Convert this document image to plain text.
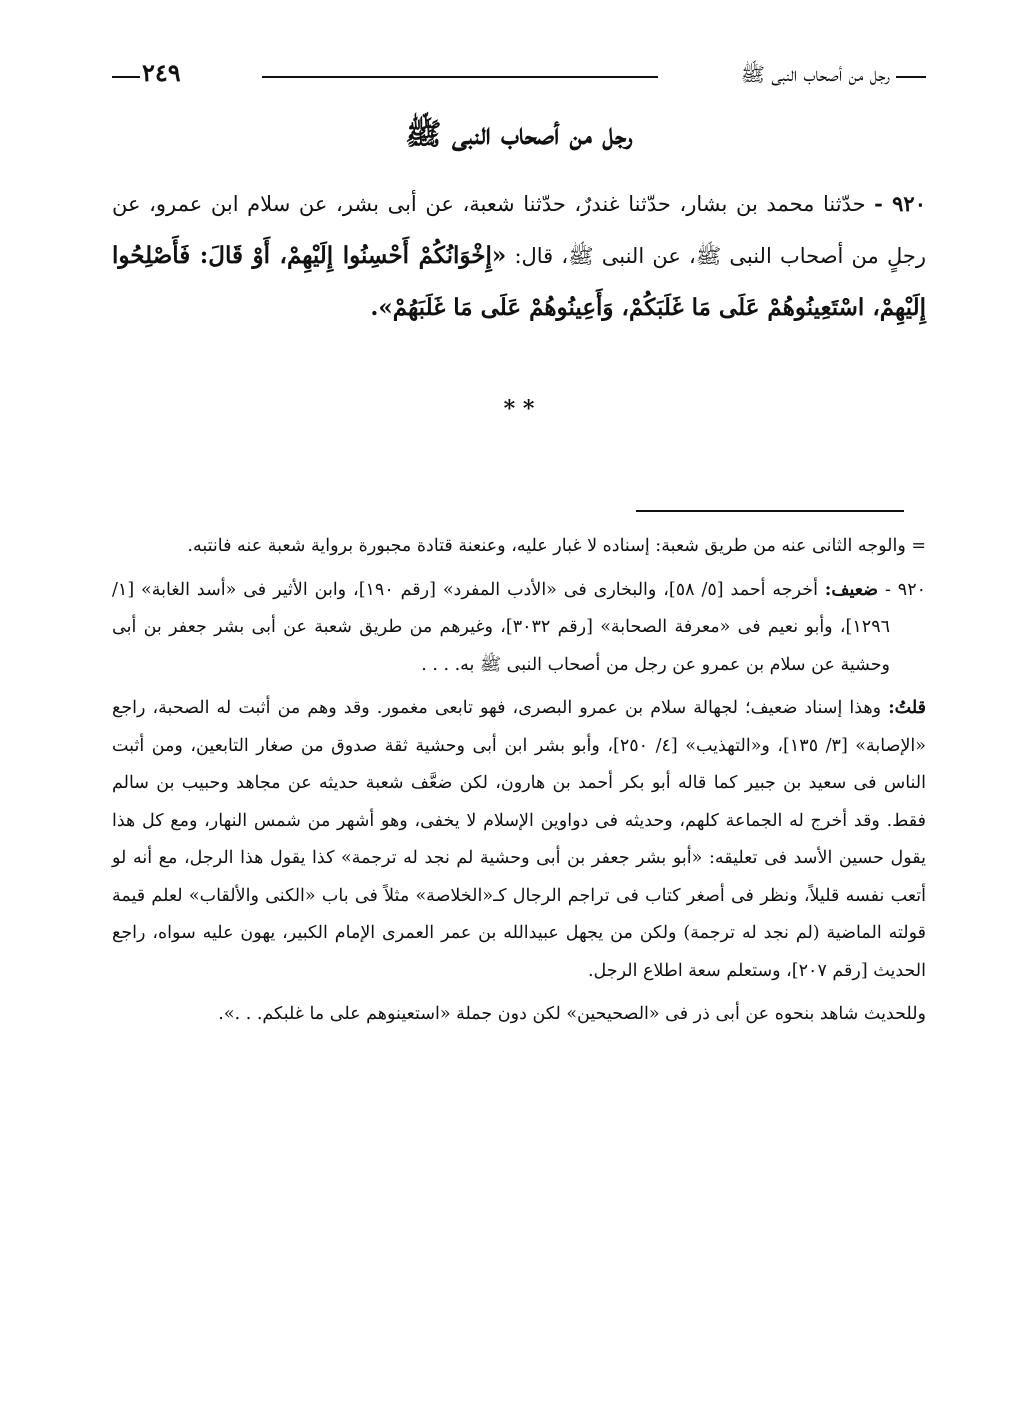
رجل من أصحاب النبى ﷺ
٢٤٩
رجل من أصحاب النبى ﷺ
٩٢٠ - حدّثنا محمد بن بشار، حدّثنا غندرٌ، حدّثنا شعبة، عن أبى بشر، عن سلام ابن عمرو، عن رجلٍ من أصحاب النبى ﷺ، عن النبى ﷺ، قال: «إِخْوَانُكُمْ أَحْسِنُوا إِلَيْهِمْ، أَوْ قَالَ: فَأَصْلِحُوا إِلَيْهِمْ، اسْتَعِينُوهُمْ عَلَى مَا غَلَبَكُمْ، وَأَعِينُوهُمْ عَلَى مَا غَلَبَهُمْ».
* *

= والوجه الثانى عنه من طريق شعبة: إسناده لا غبار عليه، وعنعنة قتادة مجبورة برواية شعبة عنه فانتبه.

٩٢٠ - ضعيف: أخرجه أحمد [٥/ ٥٨]، والبخارى فى «الأدب المفرد» [رقم ١٩٠]، وابن الأثير فى «أسد الغابة» [١/ ١٢٩٦]، وأبو نعيم فى «معرفة الصحابة» [رقم ٣٠٣٢]، وغيرهم من طريق شعبة عن أبى بشر جعفر بن أبى وحشية عن سلام بن عمرو عن رجل من أصحاب النبى ﷺ به. . . .

قلتُ: وهذا إسناد ضعيف؛ لجهالة سلام بن عمرو البصرى، فهو تابعى مغمور. وقد وهم من أثبت له الصحبة، راجع «الإصابة» [٣/ ١٣٥]، و«التهذيب» [٤/ ٢٥٠]، وأبو بشر ابن أبى وحشية ثقة صدوق من صغار التابعين، ومن أثبت الناس فى سعيد بن جبير كما قاله أبو بكر أحمد بن هارون، لكن ضعَّف شعبة حديثه عن مجاهد وحبيب بن سالم فقط. وقد أخرج له الجماعة كلهم، وحديثه فى دواوين الإسلام لا يخفى، وهو أشهر من شمس النهار، ومع كل هذا يقول حسين الأسد فى تعليقه: «أبو بشر جعفر بن أبى وحشية لم نجد له ترجمة» كذا يقول هذا الرجل، مع أنه لو أتعب نفسه قليلاً، ونظر فى أصغر كتاب فى تراجم الرجال كـ«الخلاصة» مثلاً فى باب «الكنى والألقاب» لعلم قيمة قولته الماضية (لم نجد له ترجمة) ولكن من يجهل عبيدالله بن عمر العمرى الإمام الكبير، يهون عليه سواه، راجع الحديث [رقم ٢٠٧]، وستعلم سعة اطلاع الرجل.

وللحديث شاهد بنحوه عن أبى ذر فى «الصحيحين» لكن دون جملة «استعينوهم على ما غلبكم. . .».
